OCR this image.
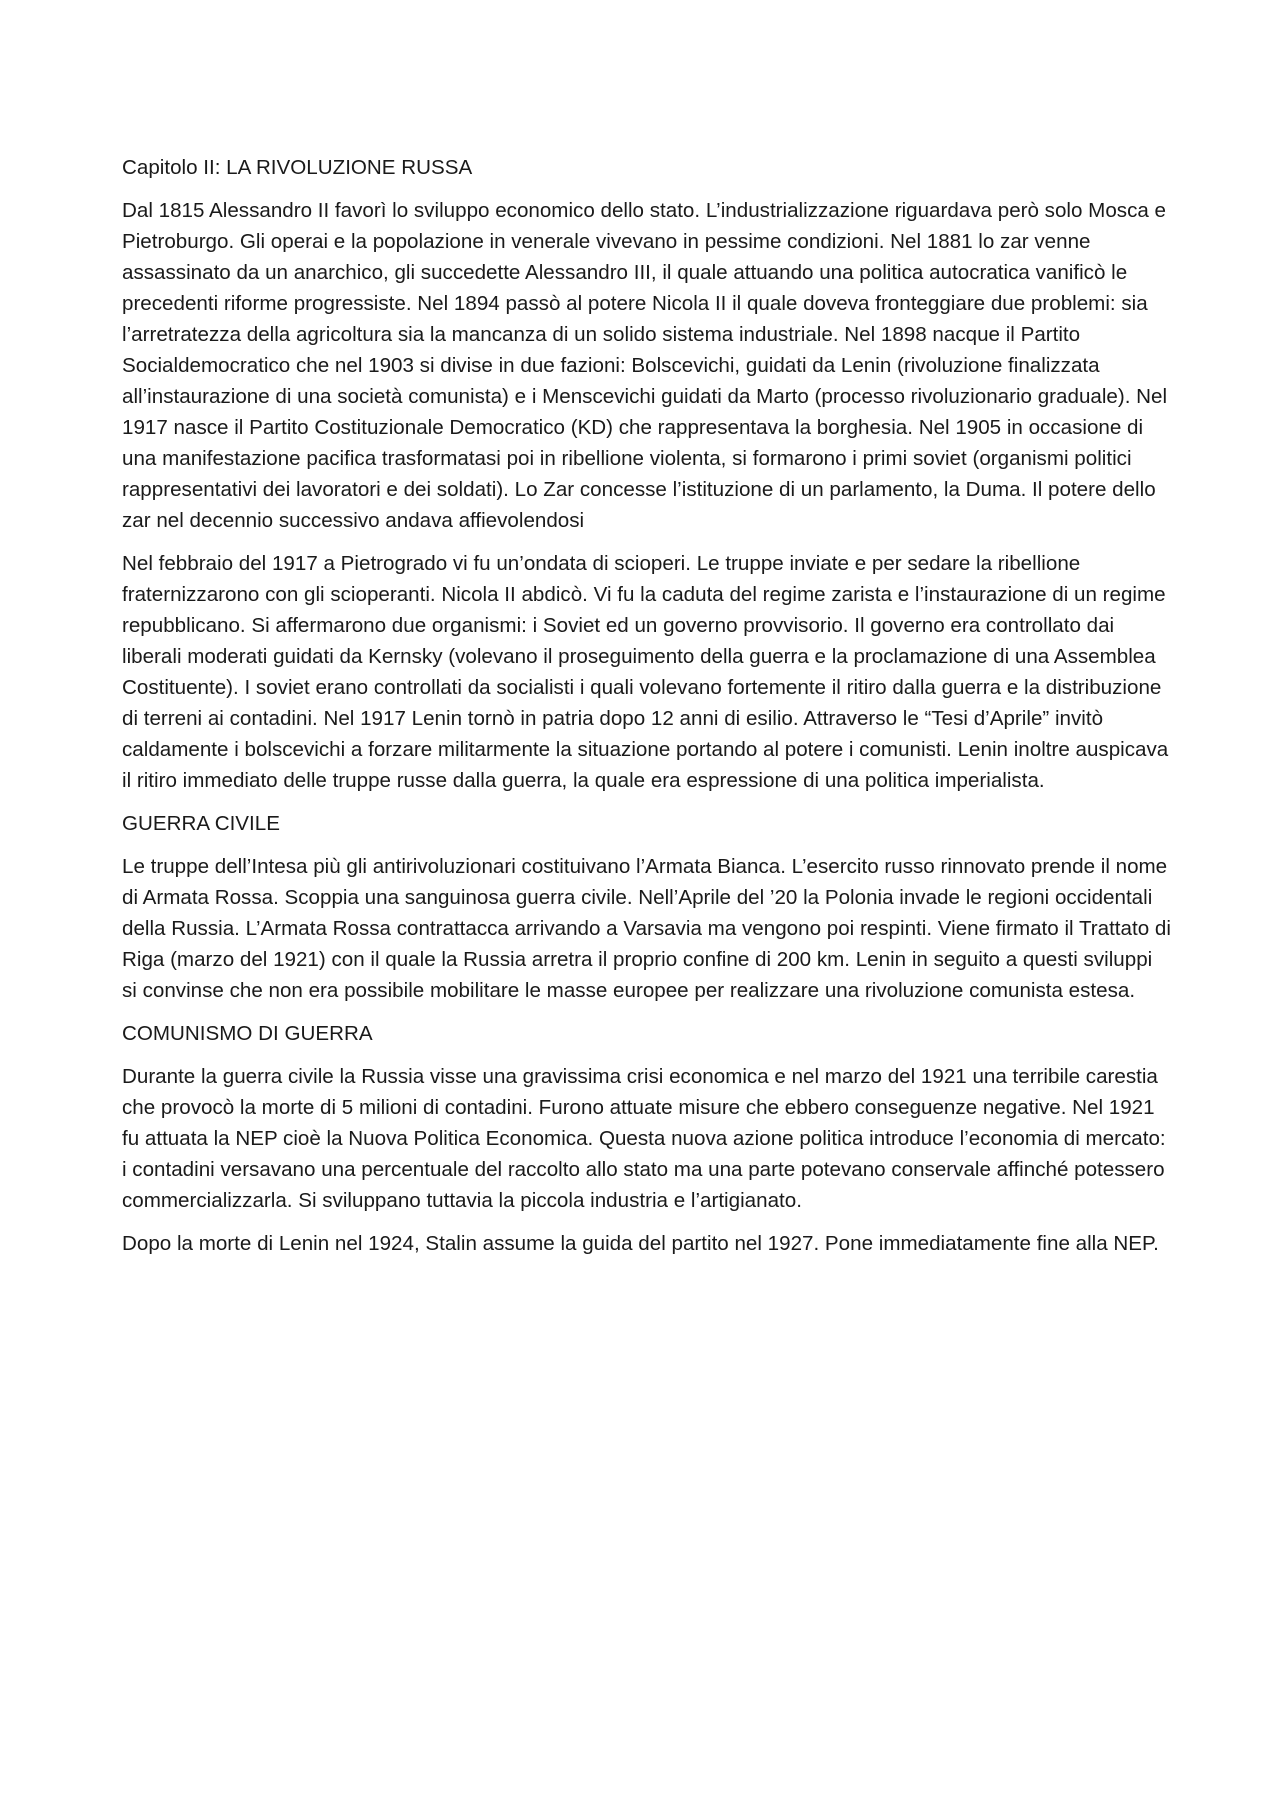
Capitolo II: LA RIVOLUZIONE RUSSA

Dal 1815 Alessandro II favorì lo sviluppo economico dello stato. L’industrializzazione riguardava però solo Mosca e Pietroburgo. Gli operai e la popolazione in venerale vivevano in pessime condizioni. Nel 1881 lo zar venne assassinato da un anarchico, gli succedette Alessandro III, il quale attuando una politica autocratica vanificò le precedenti riforme progressiste. Nel 1894 passò al potere Nicola II il quale doveva fronteggiare due problemi: sia l’arretratezza della agricoltura sia la mancanza di un solido sistema industriale. Nel 1898 nacque il Partito Socialdemocratico che nel 1903 si divise in due fazioni: Bolscevichi, guidati da Lenin (rivoluzione finalizzata all’instaurazione di una società comunista) e i Menscevichi guidati da Marto (processo rivoluzionario graduale). Nel 1917 nasce il Partito Costituzionale Democratico (KD) che rappresentava la borghesia. Nel 1905 in occasione di una manifestazione pacifica trasformatasi poi in ribellione violenta, si formarono i primi soviet (organismi politici rappresentativi dei lavoratori e dei soldati). Lo Zar concesse l’istituzione di un parlamento, la Duma. Il potere dello zar nel decennio successivo andava affievolendosi

Nel febbraio del 1917 a Pietrogrado vi fu un’ondata di scioperi. Le truppe inviate e per sedare la ribellione fraternizzarono con gli scioperanti. Nicola II abdicò. Vi fu la caduta del regime zarista e l’instaurazione di un regime repubblicano. Si affermarono due organismi: i Soviet ed un governo provvisorio. Il governo era controllato dai liberali moderati guidati da Kernsky (volevano il proseguimento della guerra e la proclamazione di una Assemblea Costituente). I soviet erano controllati da socialisti i quali volevano fortemente il ritiro dalla guerra e la distribuzione di terreni ai contadini. Nel 1917 Lenin tornò in patria dopo 12 anni di esilio. Attraverso le “Tesi d’Aprile” invitò caldamente i bolscevichi a forzare militarmente la situazione portando al potere i comunisti. Lenin inoltre auspicava il ritiro immediato delle truppe russe dalla guerra, la quale era espressione di una politica imperialista.

GUERRA CIVILE

Le truppe dell’Intesa più gli antirivoluzionari costituivano l’Armata Bianca. L’esercito russo rinnovato prende il nome di Armata Rossa. Scoppia una sanguinosa guerra civile. Nell’Aprile del ’20 la Polonia invade le regioni occidentali della Russia. L’Armata Rossa contrattacca arrivando a Varsavia ma vengono poi respinti. Viene firmato il Trattato di Riga (marzo del 1921) con il quale la Russia arretra il proprio confine di 200 km. Lenin in seguito a questi sviluppi si convinse che non era possibile mobilitare le masse europee per realizzare una rivoluzione comunista estesa.

COMUNISMO DI GUERRA

Durante la guerra civile la Russia visse una gravissima crisi economica e nel marzo del 1921 una terribile carestia che provocò la morte di 5 milioni di contadini. Furono attuate misure che ebbero conseguenze negative. Nel 1921 fu attuata la NEP cioè la Nuova Politica Economica. Questa nuova azione politica introduce l’economia di mercato: i contadini versavano una percentuale del raccolto allo stato ma una parte potevano conservale affinché potessero commercializzarla. Si sviluppano tuttavia la piccola industria e l’artigianato.

Dopo la morte di Lenin nel 1924, Stalin assume la guida del partito nel 1927. Pone immediatamente fine alla NEP.
